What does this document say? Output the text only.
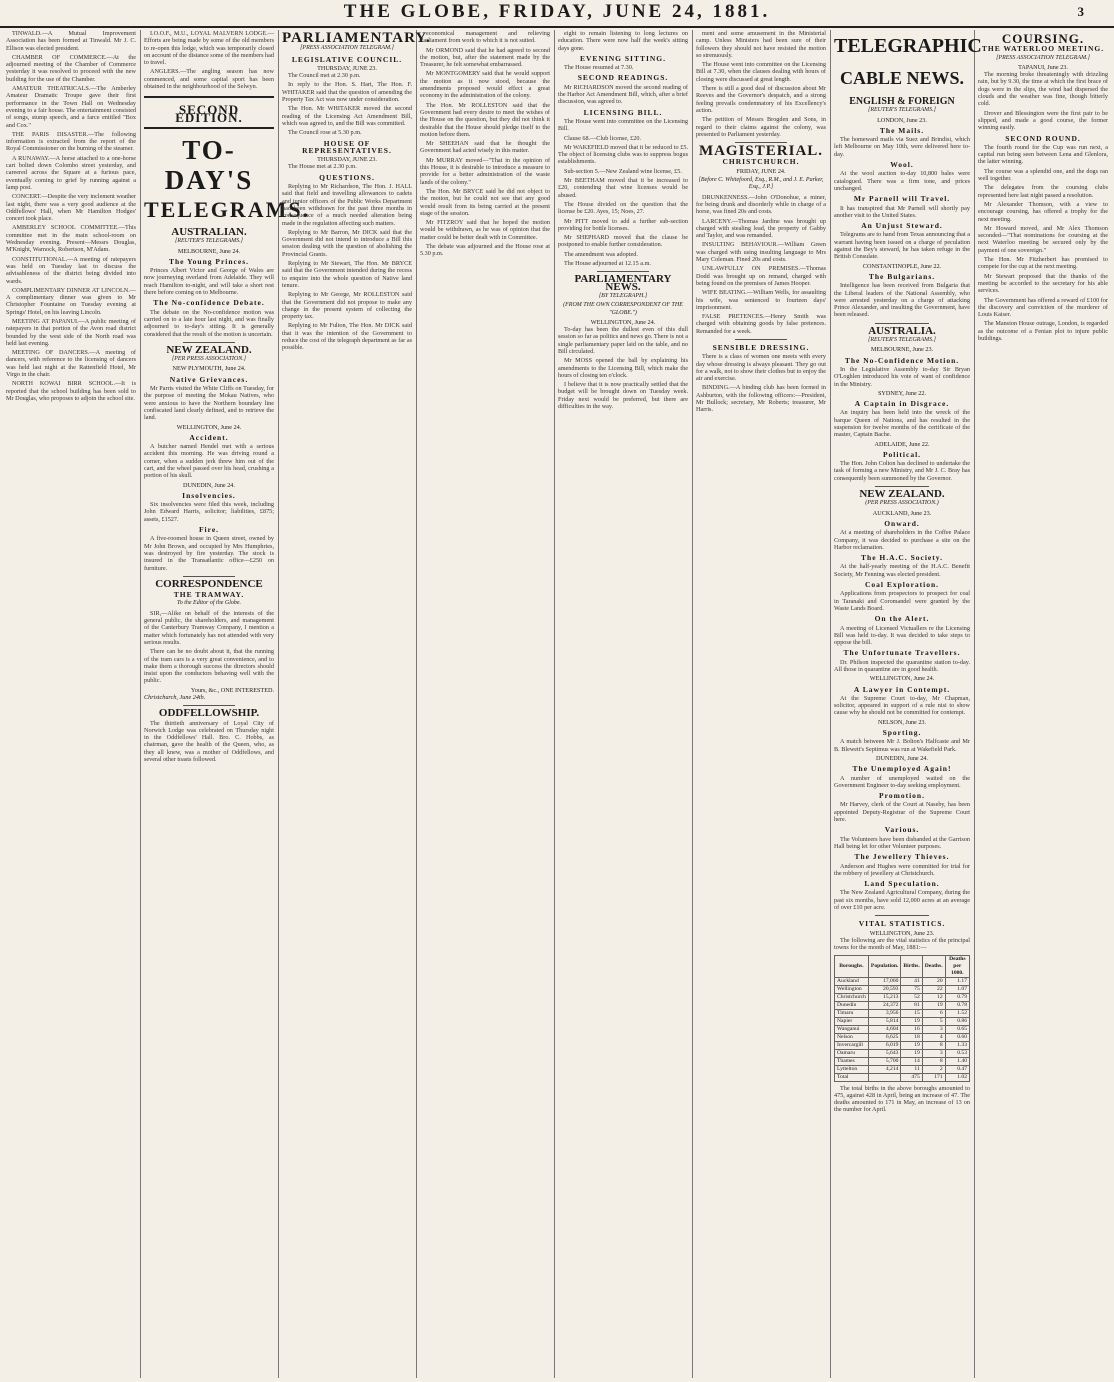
THE GLOBE, FRIDAY, JUNE 24, 1881.	3

TINWALD.—A Mutual Improvement Association has been formed at Tinwald. Mr J. C. Ellison was elected president.

CHAMBER OF COMMERCE.—At the adjourned meeting of the Chamber of Commerce yesterday it was resolved to proceed with the new building for the use of the Chamber.

AMATEUR THEATRICALS.—The Amberley Amateur Dramatic Troupe gave their first performance in the Town Hall on Wednesday evening to a fair house. The entertainment consisted of songs, stump speech, and a farce entitled "Box and Cox."

THE PARIS DISASTER.—The following information is extracted from the report of the Royal Commissioner on the burning of the steamer.

A RUNAWAY.—A horse attached to a one-horse cart bolted down Colombo street yesterday, and careered across the Square at a furious pace, eventually coming to grief by running against a lamp post.

CONCERT.—Despite the very inclement weather last night, there was a very good audience at the Oddfellows' Hall, when Mr Hamilton Hodges' concert took place.

AMBERLEY SCHOOL COMMITTEE.—This committee met in the main school-room on Wednesday evening. Present—Messrs Douglas, M'Knight, Warnock, Robertson, M'Adam.

CONSTITUTIONAL.—A meeting of ratepayers was held on Tuesday last to discuss the advisableness of the district being divided into wards.

COMPLIMENTARY DINNER AT LINCOLN.—A complimentary dinner was given to Mr Christopher Fountaine on Tuesday evening at Springs' Hotel, on his leaving Lincoln.

MEETING AT PAPANUI.—A public meeting of ratepayers in that portion of the Avon road district bounded by the west side of the North road was held last evening.

MEETING OF DANCERS.—A meeting of dancers, with reference to the licensing of dancers was held last night at the Rattenfield Hotel, Mr Virgo in the chair.

NORTH KOWAI BIRR SCHOOL.—It is reported that the school building has been sold to Mr Douglas, who proposes to adjoin the school site.

I.O.O.F., M.U., LOYAL MALVERN LODGE.—Efforts are being made by some of the old members to re-open this lodge, which was temporarily closed on account of the distance some of the members had to travel.

ANGLERS.—The angling season has now commenced, and some capital sport has been obtained in the neighbourhood of the Selwyn.

SECOND EDITION.
TO-DAY'S
TELEGRAMS.
AUSTRALIAN.
[REUTER'S TELEGRAMS.]
MELBOURNE, June 24.
The Young Princes.

Princes Albert Victor and George of Wales are now journeying overland from Adelaide. They will reach Hamilton to-night, and will take a short rest there before coming on to Melbourne.

The No-confidence Debate.

The debate on the No-confidence motion was carried on to a late hour last night, and was finally adjourned to to-day's sitting. It is generally considered that the result of the motion is uncertain.

NEW ZEALAND.
[PER PRESS ASSOCIATION.]
NEW PLYMOUTH, June 24.
Native Grievances.

Mr Parris visited the White Cliffs on Tuesday, for the purpose of meeting the Mokau Natives, who were anxious to have the Northern boundary line confiscated land clearly defined, and to retrieve the land.

WELLINGTON, June 24.
Accident.

A butcher named Hendel met with a serious accident this morning. He was driving round a corner, when a sudden jerk threw him out of the cart, and the wheel passed over his head, crushing a portion of his skull.

DUNEDIN, June 24.
Insolvencies.

Six insolvencies were filed this week, including John Edward Harris, solicitor; liabilities, £875; assets, £1527.

Fire.

A five-roomed house in Queen street, owned by Mr John Brown, and occupied by Mrs Humphries, was destroyed by fire yesterday. The stock is insured in the Transatlantic office—£250 on furniture.

CORRESPONDENCE
THE TRAMWAY.
To the Editor of the Globe.

SIR,—Alike on behalf of the interests of the general public, the shareholders, and management of the Canterbury Tramway Company, I mention a matter which fortunately has not attended with very serious results.

There can be no doubt about it, that the running of the tram cars is a very great convenience, and to make them a thorough success the directors should insist upon the conductors behaving well with the public.

Yours, &c., ONE INTERESTED.
Christchurch, June 24th.
ODDFELLOWSHIP.

The thirtieth anniversary of Loyal City of Norwich Lodge was celebrated on Thursday night in the Oddfellows' Hall. Bro. C. Hobbs, as chairman, gave the health of the Queen, who, as they all knew, was a mother of Oddfellows, and several other toasts followed.

PARLIAMENTARY.
[PRESS ASSOCIATION TELEGRAM.]
LEGISLATIVE COUNCIL.
THURSDAY, JUNE 23.

The Council met at 2.30 p.m.

In reply to the Hon. S. Hart, The Hon. F. WHITAKER said that the question of amending the Property Tax Act was now under consideration.

The Hon. Mr WHITAKER moved the second reading of the Licensing Act Amendment Bill, which was agreed to, and the Bill was committed.

The Council rose at 5.30 p.m.

HOUSE OF REPRESENTATIVES.
THURSDAY, JUNE 23.

The House met at 2.30 p.m.

QUESTIONS.

Replying to Mr Richardson, The Hon. J. HALL said that field and travelling allowances to cadets and junior officers of the Public Works Department had been withdrawn for the past three months in consequence of a much needed alteration being made in the regulation affecting such matters.

Replying to Mr Barron, Mr DICK said that the Government did not intend to introduce a Bill this session dealing with the question of abolishing the Provincial Grants.

Replying to Mr Stewart, The Hon. Mr BRYCE said that the Government intended during the recess to enquire into the whole question of Native land tenure.

Replying to Mr George, Mr ROLLESTON said that the Government did not propose to make any change in the present system of collecting the property tax.

Replying to Mr Fulton, The Hon. Mr DICK said that it was the intention of the Government to reduce the cost of the telegraph department as far as possible.

economical management and relieving Parliament from work to which it is not suited.

Mr ORMOND said that he had agreed to second the motion, but, after the statement made by the Treasurer, he felt somewhat embarrassed.

Mr MONTGOMERY said that he would support the motion as it now stood, because the amendments proposed would effect a great economy in the administration of the colony.

The Hon. Mr ROLLESTON said that the Government had every desire to meet the wishes of the House on the question, but they did not think it desirable that the House should pledge itself to the motion before them.

Mr SHEEHAN said that he thought the Government had acted wisely in this matter.

Mr MURRAY moved—"That in the opinion of this House, it is desirable to introduce a measure to provide for a better administration of the waste lands of the colony."

The Hon. Mr BRYCE said he did not object to the motion, but he could not see that any good would result from its being carried at the present stage of the session.

Mr FITZROY said that he hoped the motion would be withdrawn, as he was of opinion that the matter could be better dealt with in Committee.

The debate was adjourned and the House rose at 5.30 p.m.

eight to remain listening to long lectures on education. There were now half the week's sitting days gone.

EVENING SITTING.

The House resumed at 7.30.

SECOND READINGS.

Mr RICHARDSON moved the second reading of the Harbor Act Amendment Bill, which, after a brief discussion, was agreed to.

LICENSING BILL.

The House went into committee on the Licensing Bill.

Clause 68.—Club license, £20.

Mr WAKEFIELD moved that it be reduced to £5. The object of licensing clubs was to suppress bogus establishments.

Sub-section 5.—New Zealand wine license, £5.

Mr BEETHAM moved that it be increased to £20, contending that wine licenses would be abused.

The House divided on the question that the license be £20. Ayes, 15; Noes, 27.

Mr PITT moved to add a further sub-section providing for bottle licenses.

Mr SHEPHARD moved that the clause be postponed to enable further consideration.

The amendment was adopted.

The House adjourned at 12.15 a.m.

PARLIAMENTARY NEWS.
[BY TELEGRAPH.]
(FROM THE OWN CORRESPONDENT OF THE "GLOBE.")
WELLINGTON, June 24.

To-day has been the dullest even of this dull session so far as politics and news go. There is not a single parliamentary paper laid on the table, and no Bill circulated.

Mr MOSS opened the ball by explaining his amendments to the Licensing Bill, which make the hours of closing ten o'clock.

I believe that it is now practically settled that the budget will be brought down on Tuesday week. Friday next would be preferred, but there are difficulties in the way.

ment and some amusement in the Ministerial camp. Unless Ministers had been sure of their followers they should not have resisted the motion so strenuously.

The House went into committee on the Licensing Bill at 7.30, when the clauses dealing with hours of closing were discussed at great length.

There is still a good deal of discussion about Mr Reeves and the Governor's despatch, and a strong feeling prevails condemnatory of his Excellency's action.

The petition of Messrs Brogden and Sons, in regard to their claims against the colony, was presented to Parliament yesterday.

MAGISTERIAL.
CHRISTCHURCH.
FRIDAY, JUNE 24.
[Before C. Whitefoord, Esq., R.M., and J. E. Parker, Esq., J.P.]

DRUNKENNESS.—John O'Donohue, a miner, for being drunk and disorderly while in charge of a horse, was fined 20s and costs.

LARCENY.—Thomas Jardine was brought up charged with stealing lead, the property of Gabby and Taylor, and was remanded.

INSULTING BEHAVIOUR.—William Green was charged with using insulting language to Mrs Mary Coleman. Fined 20s and costs.

UNLAWFULLY ON PREMISES.—Thomas Dodd was brought up on remand, charged with being found on the premises of James Hooper.

WIFE BEATING.—William Wells, for assaulting his wife, was sentenced to fourteen days' imprisonment.

FALSE PRETENCES.—Henry Smith was charged with obtaining goods by false pretences. Remanded for a week.

SENSIBLE DRESSING.

There is a class of women one meets with every day whose dressing is always pleasant. They go out for a walk, not to show their clothes but to enjoy the air and exercise.

BINDING.—A binding club has been formed in Ashburton, with the following officers:—President, Mr Bullock; secretary, Mr Roberts; treasurer, Mr Harris.

TELEGRAPHIC
CABLE NEWS.
ENGLISH & FOREIGN
[REUTER'S TELEGRAMS.]
LONDON, June 23.
The Mails.

The homeward mails via Suez and Brindisi, which left Melbourne on May 10th, were delivered here to-day.

Wool.

At the wool auction to-day 10,800 bales were catalogued. There was a firm tone, and prices unchanged.

Mr Parnell will Travel.

It has transpired that Mr Parnell will shortly pay another visit to the United States.

An Unjust Steward.

Telegrams are to hand from Texas announcing that a warrant having been issued on a charge of peculation against the Bey's steward, he has taken refuge in the British Consulate.

CONSTANTINOPLE, June 22.
The Bulgarians.

Intelligence has been received from Bulgaria that the Liberal leaders of the National Assembly, who were arrested yesterday on a charge of attacking Prince Alexander, and insulting the Government, have been released.

AUSTRALIA.
[REUTER'S TELEGRAMS.]
MELBOURNE, June 23.
The No-Confidence Motion.

In the Legislative Assembly to-day Sir Bryan O'Loghlen introduced his vote of want of confidence in the Ministry.

SYDNEY, June 22.
A Captain in Disgrace.

An inquiry has been held into the wreck of the barque Queen of Nations, and has resulted in the suspension for twelve months of the certificate of the master, Captain Bache.

ADELAIDE, June 22.
Political.

The Hon. John Colton has declined to undertake the task of forming a new Ministry, and Mr J. C. Bray has consequently been summoned by the Governor.

NEW ZEALAND.
(PER PRESS ASSOCIATION.)
AUCKLAND, June 23.
Onward.

At a meeting of shareholders in the Coffee Palace Company, it was decided to purchase a site on the Harbor reclamation.

The H.A.C. Society.

At the half-yearly meeting of the H.A.C. Benefit Society, Mr Fenning was elected president.

Coal Exploration.

Applications from prospectors to prospect for coal in Taranaki and Coromandel were granted by the Waste Lands Board.

On the Alert.

A meeting of Licensed Victuallers re the Licensing Bill was held to-day. It was decided to take steps to oppose the bill.

The Unfortunate Travellers.

Dr. Philson inspected the quarantine station to-day. All those in quarantine are in good health.

WELLINGTON, June 24.
A Lawyer in Contempt.

At the Supreme Court to-day, Mr Chapman, solicitor, appeared in support of a rule nisi to show cause why he should not be committed for contempt.

NELSON, June 23.
Sporting.

A match between Mr J. Bolton's Halfcaste and Mr B. Blewett's Septimus was run at Wakefield Park.

DUNEDIN, June 24.
The Unemployed Again!

A number of unemployed waited on the Government Engineer to-day seeking employment.

Promotion.

Mr Harvey, clerk of the Court at Naseby, has been appointed Deputy-Registrar of the Supreme Court here.

Various.

The Volunteers have been disbanded at the Garrison Hall being let for other Volunteer purposes.

The Jewellery Thieves.

Anderson and Hughes were committed for trial for the robbery of jewellery at Christchurch.

Land Speculation.

The New Zealand Agricultural Company, during the past six months, have sold 12,000 acres at an average of over £10 per acre.

VITAL STATISTICS.
WELLINGTON, June 23.

The following are the vital statistics of the principal towns for the month of May, 1881:—

Boroughs.	Population.	Births.	Deaths.	Deaths per 1000.
Auckland	17,060	41	20	1.17
Wellington	20,593	75	22	1.07
Christchurch	15,213	52	12	0.79
Dunedin	24,372	81	19	0.78
Timaru	3,956	15	6	1.52
Napier	5,814	19	5	0.86
Wanganui	4,604	16	3	0.65
Nelson	6,625	18	4	0.60
Invercargill	6,019	19	8	1.33
Oamaru	5,643	19	3	0.53
Thames	5,700	14	8	1.40
Lyttelton	4,214	11	2	0.47
Total		475	171	1.02

The total births in the above boroughs amounted to 475, against 428 in April, being an increase of 47. The deaths amounted to 171 in May, an increase of 13 on the number for April.

COURSING.
THE WATERLOO MEETING.
[PRESS ASSOCIATION TELEGRAM.]
TAPANUI, June 23.

The morning broke threateningly with drizzling rain, but by 9.30, the time at which the first brace of dogs were in the slips, the wind had dispersed the clouds and the weather was fine, though bitterly cold.

Drover and Blessington were the first pair to be slipped, and made a good course, the former winning easily.

SECOND ROUND.

The fourth round for the Cup was run next, a capital run being seen between Lena and Glenlora, the latter winning.

The course was a splendid one, and the dogs ran well together.

The delegates from the coursing clubs represented here last night passed a resolution.

Mr Alexander Thomson, with a view to encourage coursing, has offered a trophy for the next meeting.

Mr Howard moved, and Mr Alex Thomson seconded—"That nominations for coursing at the next Waterloo meeting be secured only by the payment of one sovereign."

The Hon. Mr Fitzherbert has promised to compete for the cup at the next meeting.

Mr Stewart proposed that the thanks of the meeting be accorded to the secretary for his able services.

The Government has offered a reward of £100 for the discovery and conviction of the murderer of Louis Kaiser.

The Mansion House outrage, London, is regarded as the outcome of a Fenian plot to injure public buildings.
